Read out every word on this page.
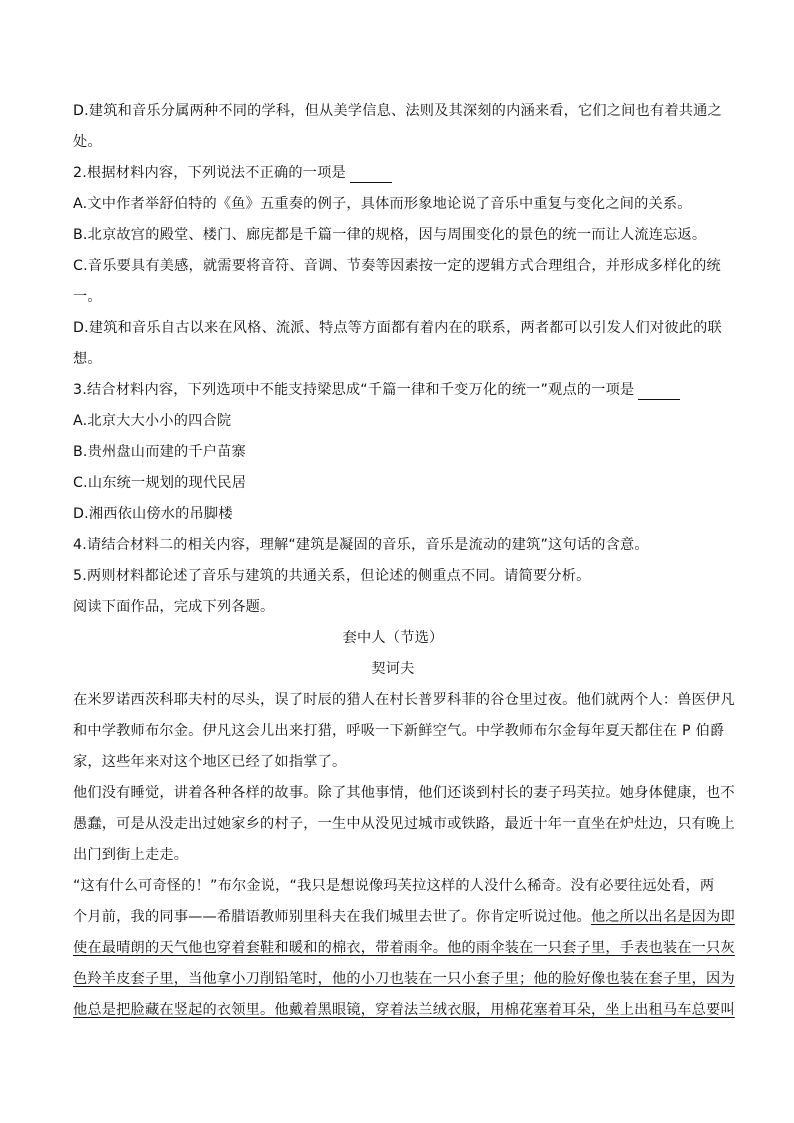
D.建筑和音乐分属两种不同的学科，但从美学信息、法则及其深刻的内涵来看，它们之间也有着共通之
处。
2.根据材料内容，下列说法不正确的一项是
A.文中作者举舒伯特的《鱼》五重奏的例子，具体而形象地论说了音乐中重复与变化之间的关系。
B.北京故宫的殿堂、楼门、廊庑都是千篇一律的规格，因与周围变化的景色的统一而让人流连忘返。
C.音乐要具有美感，就需要将音符、音调、节奏等因素按一定的逻辑方式合理组合，并形成多样化的统
一。
D.建筑和音乐自古以来在风格、流派、特点等方面都有着内在的联系，两者都可以引发人们对彼此的联
想。
3.结合材料内容，下列选项中不能支持梁思成“千篇一律和千变万化的统一”观点的一项是
A.北京大大小小的四合院
B.贵州盘山而建的千户苗寨
C.山东统一规划的现代民居
D.湘西依山傍水的吊脚楼
4.请结合材料二的相关内容，理解“建筑是凝固的音乐，音乐是流动的建筑”这句话的含意。
5.两则材料都论述了音乐与建筑的共通关系，但论述的侧重点不同。请简要分析。
阅读下面作品，完成下列各题。
套中人（节选）
契诃夫
在米罗诺西茨科耶夫村的尽头，误了时辰的猎人在村长普罗科菲的谷仓里过夜。他们就两个人：兽医伊凡
和中学教师布尔金。伊凡这会儿出来打猎，呼吸一下新鲜空气。中学教师布尔金每年夏天都住在 P 伯爵
家，这些年来对这个地区已经了如指掌了。
他们没有睡觉，讲着各种各样的故事。除了其他事情，他们还谈到村长的妻子玛芙拉。她身体健康，也不
愚蠢，可是从没走出过她家乡的村子，一生中从没见过城市或铁路，最近十年一直坐在炉灶边，只有晚上
出门到街上走走。
“这有什么可奇怪的！”布尔金说，“我只是想说像玛芙拉这样的人没什么稀奇。没有必要往远处看，两
个月前，我的同事——希腊语教师别里科夫在我们城里去世了。你肯定听说过他。他之所以出名是因为即
使在最晴朗的天气他也穿着套鞋和暖和的棉衣，带着雨伞。他的雨伞装在一只套子里，手表也装在一只灰
色羚羊皮套子里，当他拿小刀削铅笔时，他的小刀也装在一只小套子里；他的脸好像也装在套子里，因为
他总是把脸藏在竖起的衣领里。他戴着黑眼镜，穿着法兰绒衣服，用棉花塞着耳朵，坐上出租马车总要叫
